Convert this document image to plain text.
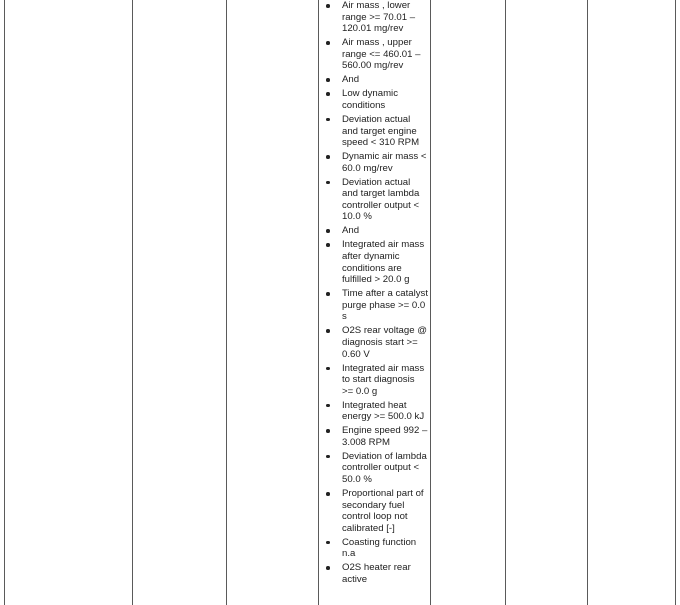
Air mass , lower range >= 70.01 – 120.01 mg/rev
Air mass , upper range <= 460.01 – 560.00 mg/rev
And
Low dynamic conditions
Deviation actual and target engine speed < 310 RPM
Dynamic air mass < 60.0 mg/rev
Deviation actual and target lambda controller output < 10.0 %
And
Integrated air mass after dynamic conditions are fulfilled > 20.0 g
Time after a catalyst purge phase >= 0.0 s
O2S rear voltage @ diagnosis start >= 0.60 V
Integrated air mass to start diagnosis >= 0.0 g
Integrated heat energy >= 500.0 kJ
Engine speed 992 – 3.008 RPM
Deviation of lambda controller output < 50.0 %
Proportional part of secondary fuel control loop not calibrated [-]
Coasting function n.a
O2S heater rear active
